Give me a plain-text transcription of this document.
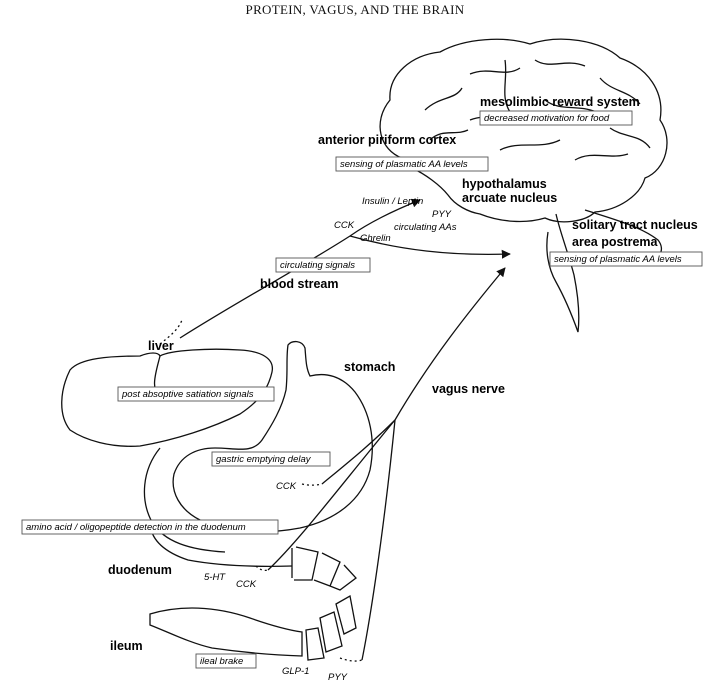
PROTEIN, VAGUS, AND THE BRAIN
mesolimbic reward system
anterior piriform cortex
hypothalamus
arcuate nucleus
solitary tract nucleus
area postrema
blood stream
liver
stomach
vagus nerve
duodenum
ileum
decreased motivation for food
sensing of plasmatic AA levels
sensing of plasmatic AA levels
circulating signals
post absoptive satiation signals
gastric emptying delay
amino acid / oligopeptide detection in the duodenum
ileal brake
Insulin / Leptin
PYY
CCK	circulating AAs
Ghrelin
CCK
5-HT
CCK
GLP-1
PYY
